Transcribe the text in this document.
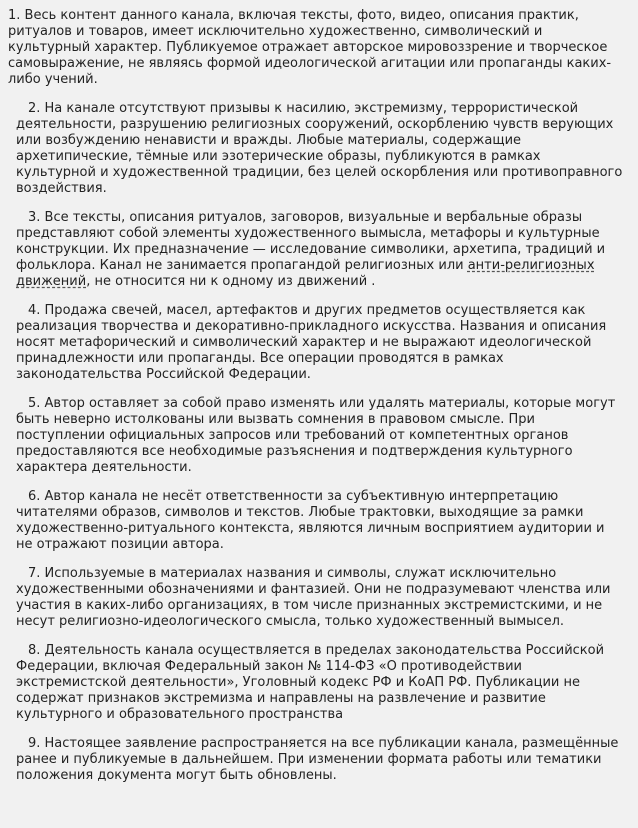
1. Весь контент данного канала, включая тексты, фото, видео, описания практик, ритуалов и товаров, имеет исключительно художественно, символический и культурный характер. Публикуемое отражает авторское мировоззрение и творческое самовыражение, не являясь формой идеологической агитации или пропаганды каких-либо учений.

2. На канале отсутствуют призывы к насилию, экстремизму, террористической деятельности, разрушению религиозных сооружений, оскорблению чувств верующих или возбуждению ненависти и вражды. Любые материалы, содержащие архетипические, тёмные или эзотерические образы, публикуются в рамках культурной и художественной традиции, без целей оскорбления или противоправного воздействия.

3. Все тексты, описания ритуалов, заговоров, визуальные и вербальные образы представляют собой элементы художественного вымысла, метафоры и культурные конструкции. Их предназначение — исследование символики, архетипа, традиций и фольклора. Канал не занимается пропагандой религиозных или анти-религиозных движений, не относится ни к одному из движений .

4. Продажа свечей, масел, артефактов и других предметов осуществляется как реализация творчества и декоративно-прикладного искусства. Названия и описания носят метафорический и символический характер и не выражают идеологической принадлежности или пропаганды. Все операции проводятся в рамках законодательства Российской Федерации.

5. Автор оставляет за собой право изменять или удалять материалы, которые могут быть неверно истолкованы или вызвать сомнения в правовом смысле. При поступлении официальных запросов или требований от компетентных органов предоставляются все необходимые разъяснения и подтверждения культурного характера деятельности.

6. Автор канала не несёт ответственности за субъективную интерпретацию читателями образов, символов и текстов. Любые трактовки, выходящие за рамки художественно-ритуального контекста, являются личным восприятием аудитории и не отражают позиции автора.

7. Используемые в материалах названия и символы, служат исключительно художественными обозначениями и фантазией. Они не подразумевают членства или участия в каких-либо организациях, в том числе признанных экстремистскими, и не несут религиозно-идеологического смысла, только художественный вымысел.

8. Деятельность канала осуществляется в пределах законодательства Российской Федерации, включая Федеральный закон № 114-ФЗ «О противодействии экстремистской деятельности», Уголовный кодекс РФ и КоАП РФ. Публикации не содержат признаков экстремизма и направлены на развлечение и развитие культурного и образовательного пространства

9. Настоящее заявление распространяется на все публикации канала, размещённые ранее и публикуемые в дальнейшем. При изменении формата работы или тематики положения документа могут быть обновлены.
